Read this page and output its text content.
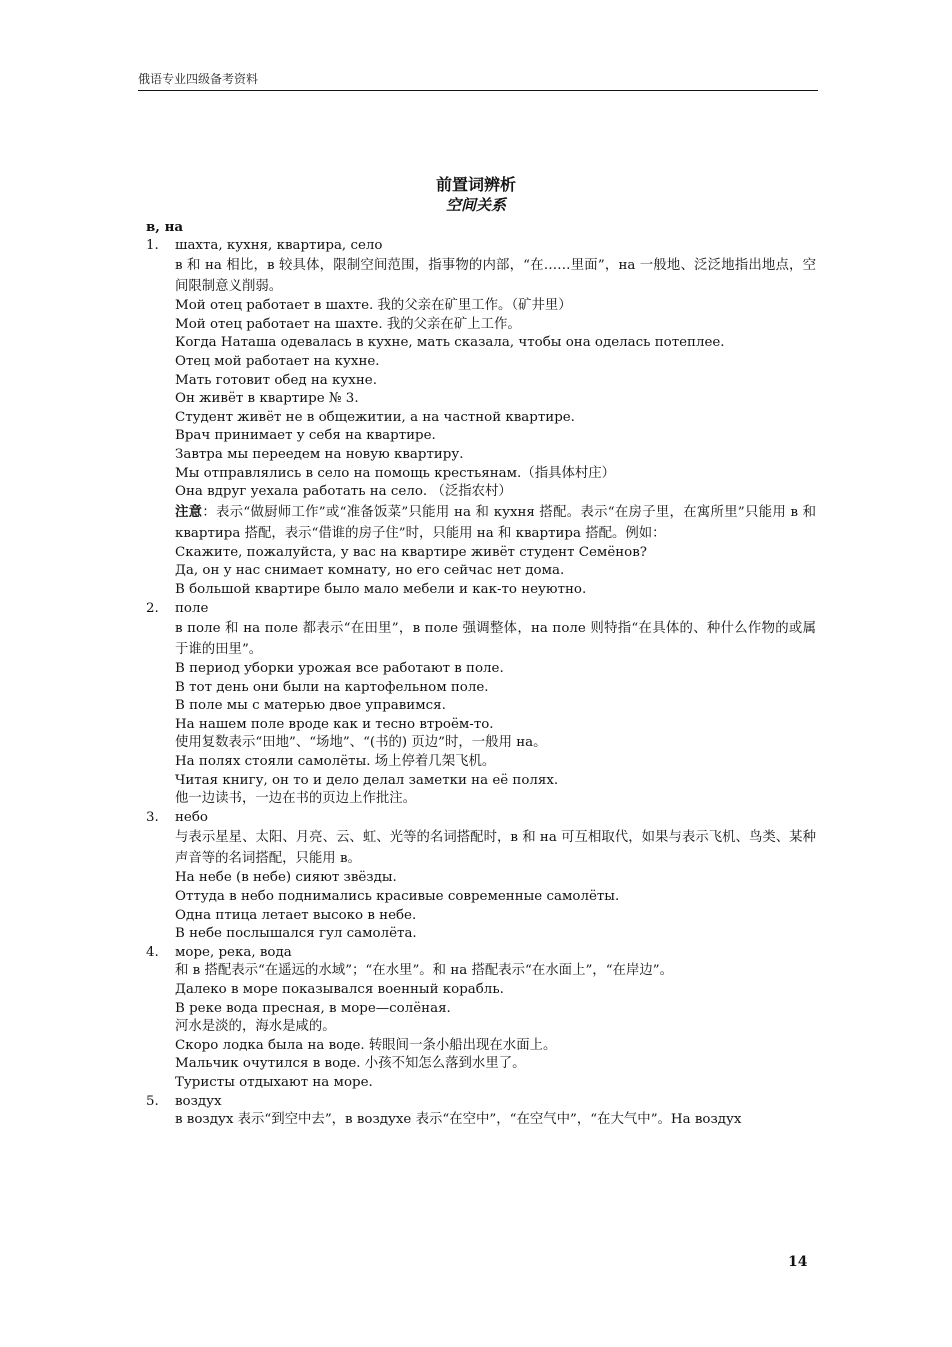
俄语专业四级备考资料
前置词辨析
空间关系
в, на
1. шахта, кухня, квартира, село
в 和 на 相比，в 较具体，限制空间范围，指事物的内部，“在……里面”，на 一般地、泛泛地指出地点，空间限制意义削弱。
Мой отец работает в шахте. 我的父亲在矿里工作。（矿井里）
Мой отец работает на шахте. 我的父亲在矿上工作。
Когда Наташа одевалась в кухне, мать сказала, чтобы она оделась потеплее.
Отец мой работает на кухне.
Мать готовит обед на кухне.
Он живёт в квартире № 3.
Студент живёт не в общежитии, а на частной квартире.
Врач принимает у себя на квартире.
Завтра мы переедем на новую квартиру.
Мы отправлялись в село на помощь крестьянам.（指具体村庄）
Она вдруг уехала работать на село. （泛指农村）
注意：表示“做厨师工作”或“准备饭菜”只能用 на 和 кухня 搭配。表示“在房子里，在寓所里”只能用 в 和 квартира 搭配，表示“借谁的房子住”时，只能用 на 和 квартира 搭配。例如：
Скажите, пожалуйста, у вас на квартире живёт студент Семёнов?
Да, он у нас снимает комнату, но его сейчас нет дома.
В большой квартире было мало мебели и как-то неуютно.
2. поле
в поле 和 на поле 都表示“在田里”，в поле 强调整体，на поле 则特指“在具体的、种什么作物的或属于谁的田里”。
В период уборки урожая все работают в поле.
В тот день они были на картофельном поле.
В поле мы с матерью двое управимся.
На нашем поле вроде как и тесно втроём-то.
使用复数表示“田地”、“场地”、“(书的) 页边”时，一般用 на。
На полях стояли самолёты. 场上停着几架飞机。
Читая книгу, он то и дело делал заметки на её полях.
他一边读书，一边在书的页边上作批注。
3. небо
与表示星星、太阳、月亮、云、虹、光等的名词搭配时，в 和 на 可互相取代，如果与表示飞机、鸟类、某种声音等的名词搭配，只能用 в。
На небе (в небе) сияют звёзды.
Оттуда в небо поднимались красивые современные самолёты.
Одна птица летает высоко в небе.
В небе послышался гул самолёта.
4. море, река, вода
和 в 搭配表示“在遥远的水域”；“在水里”。和 на 搭配表示“在水面上”，“在岸边”。
Далеко в море показывался военный корабль.
В реке вода пресная, в море—солёная.
河水是淡的，海水是咸的。
Скоро лодка была на воде. 转眼间一条小船出现在水面上。
Мальчик очутился в воде. 小孩不知怎么落到水里了。
Туристы отдыхают на море.
5. воздух
в воздух 表示“到空中去”，в воздухе 表示“在空中”，“在空气中”，“在大气中”。На воздух
14
